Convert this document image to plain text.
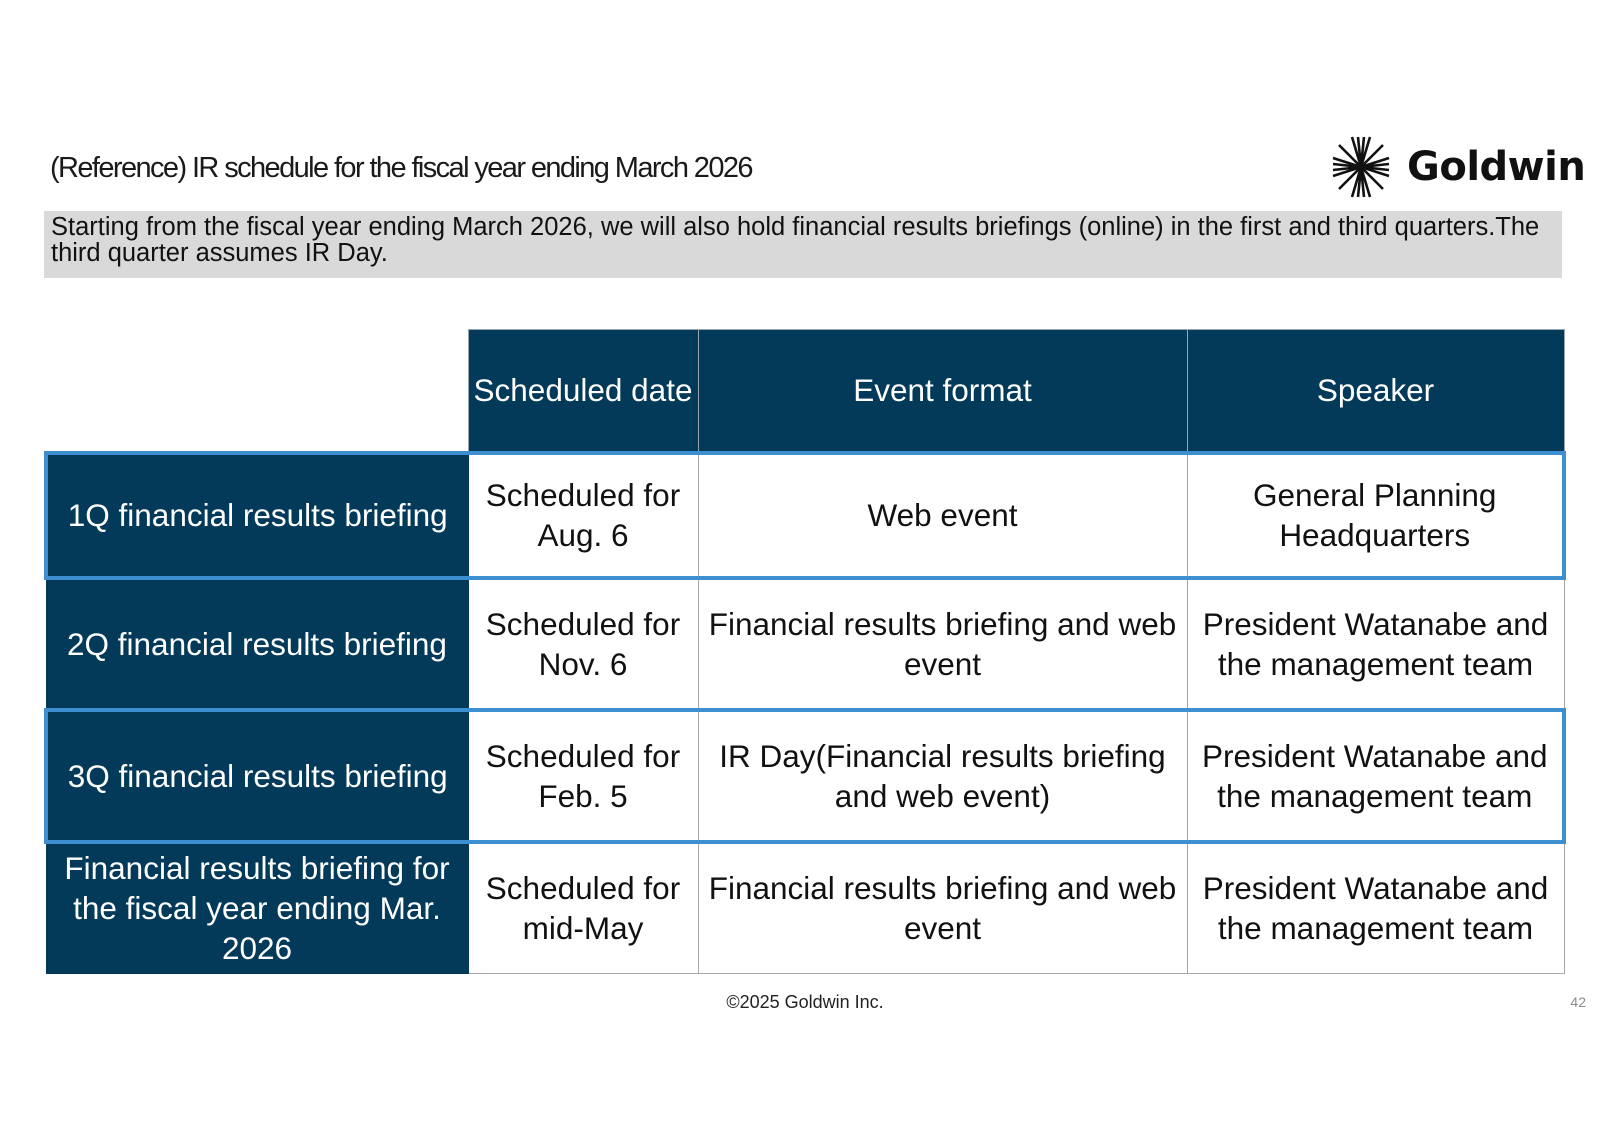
(Reference) IR schedule for the fiscal year ending March 2026	Goldwin
Starting from the fiscal year ending March 2026, we will also hold financial results briefings (online) in the first and third quarters.The third quarter assumes IR Day.
	Scheduled date	Event format	Speaker
1Q financial results briefing	Scheduled for Aug. 6	Web event	General Planning Headquarters
2Q financial results briefing	Scheduled for Nov. 6	Financial results briefing and web event	President Watanabe and the management team
3Q financial results briefing	Scheduled for Feb. 5	IR Day(Financial results briefing and web event)	President Watanabe and the management team
Financial results briefing for the fiscal year ending Mar. 2026	Scheduled for mid-May	Financial results briefing and web event	President Watanabe and the management team
©2025 Goldwin Inc.	42
